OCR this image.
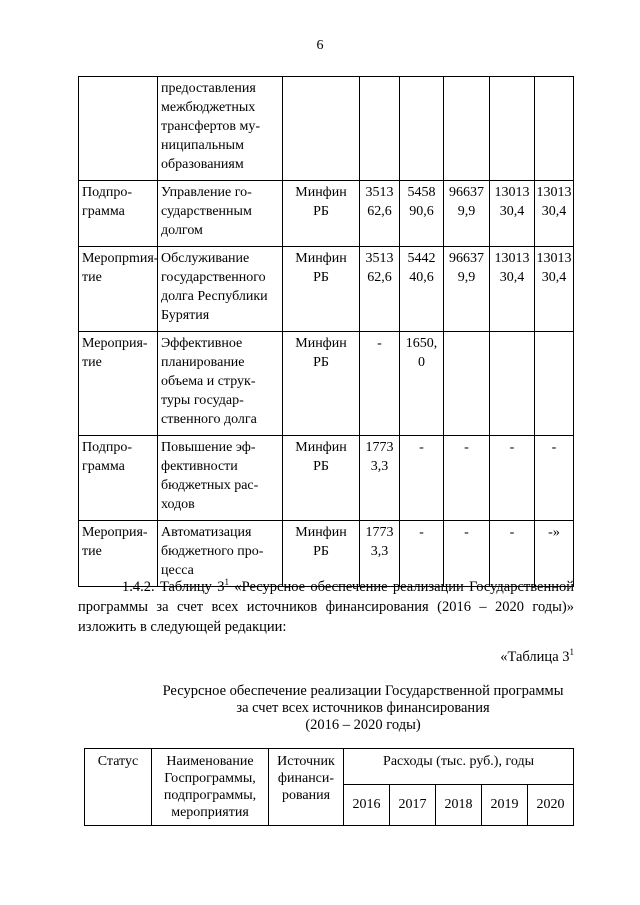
6
	предоставления межбюджетных трансфертов му-ниципальным образованиям						
Подпро-грамма	Управление го-сударственным долгом	Минфин РБ	3513 62,6	5458 90,6	96637 9,9	13013 30,4	13013 30,4
Меропрmия-тие	Обслуживание государственного долга Республики Бурятия	Минфин РБ	3513 62,6	5442 40,6	96637 9,9	13013 30,4	13013 30,4
Мероприя-тие	Эффективное планирование объема и струк-туры государ-ственного долга	Минфин РБ	-	1650, 0			
Подпро-грамма	Повышение эф-фективности бюджетных рас-ходов	Минфин РБ	1773 3,3	-	-	-	-
Мероприя-тие	Автоматизация бюджетного про-цесса	Минфин РБ	1773 3,3	-	-	-	-»
1.4.2. Таблицу $3^1$ «Ресурсное обеспечение реализации Государственной программы за счет всех источников финансирования (2016 – 2020 годы)» изложить в следующей редакции:
«Таблица $3^1$
Ресурсное обеспечение реализации Государственной программы
за счет всех источников финансирования
(2016 – 2020 годы)
Статус	Наименование Госпрограммы, подпрограммы, мероприятия	Источник финанси-рования	Расходы (тыс. руб.), годы				
			2016	2017	2018	2019	2020
